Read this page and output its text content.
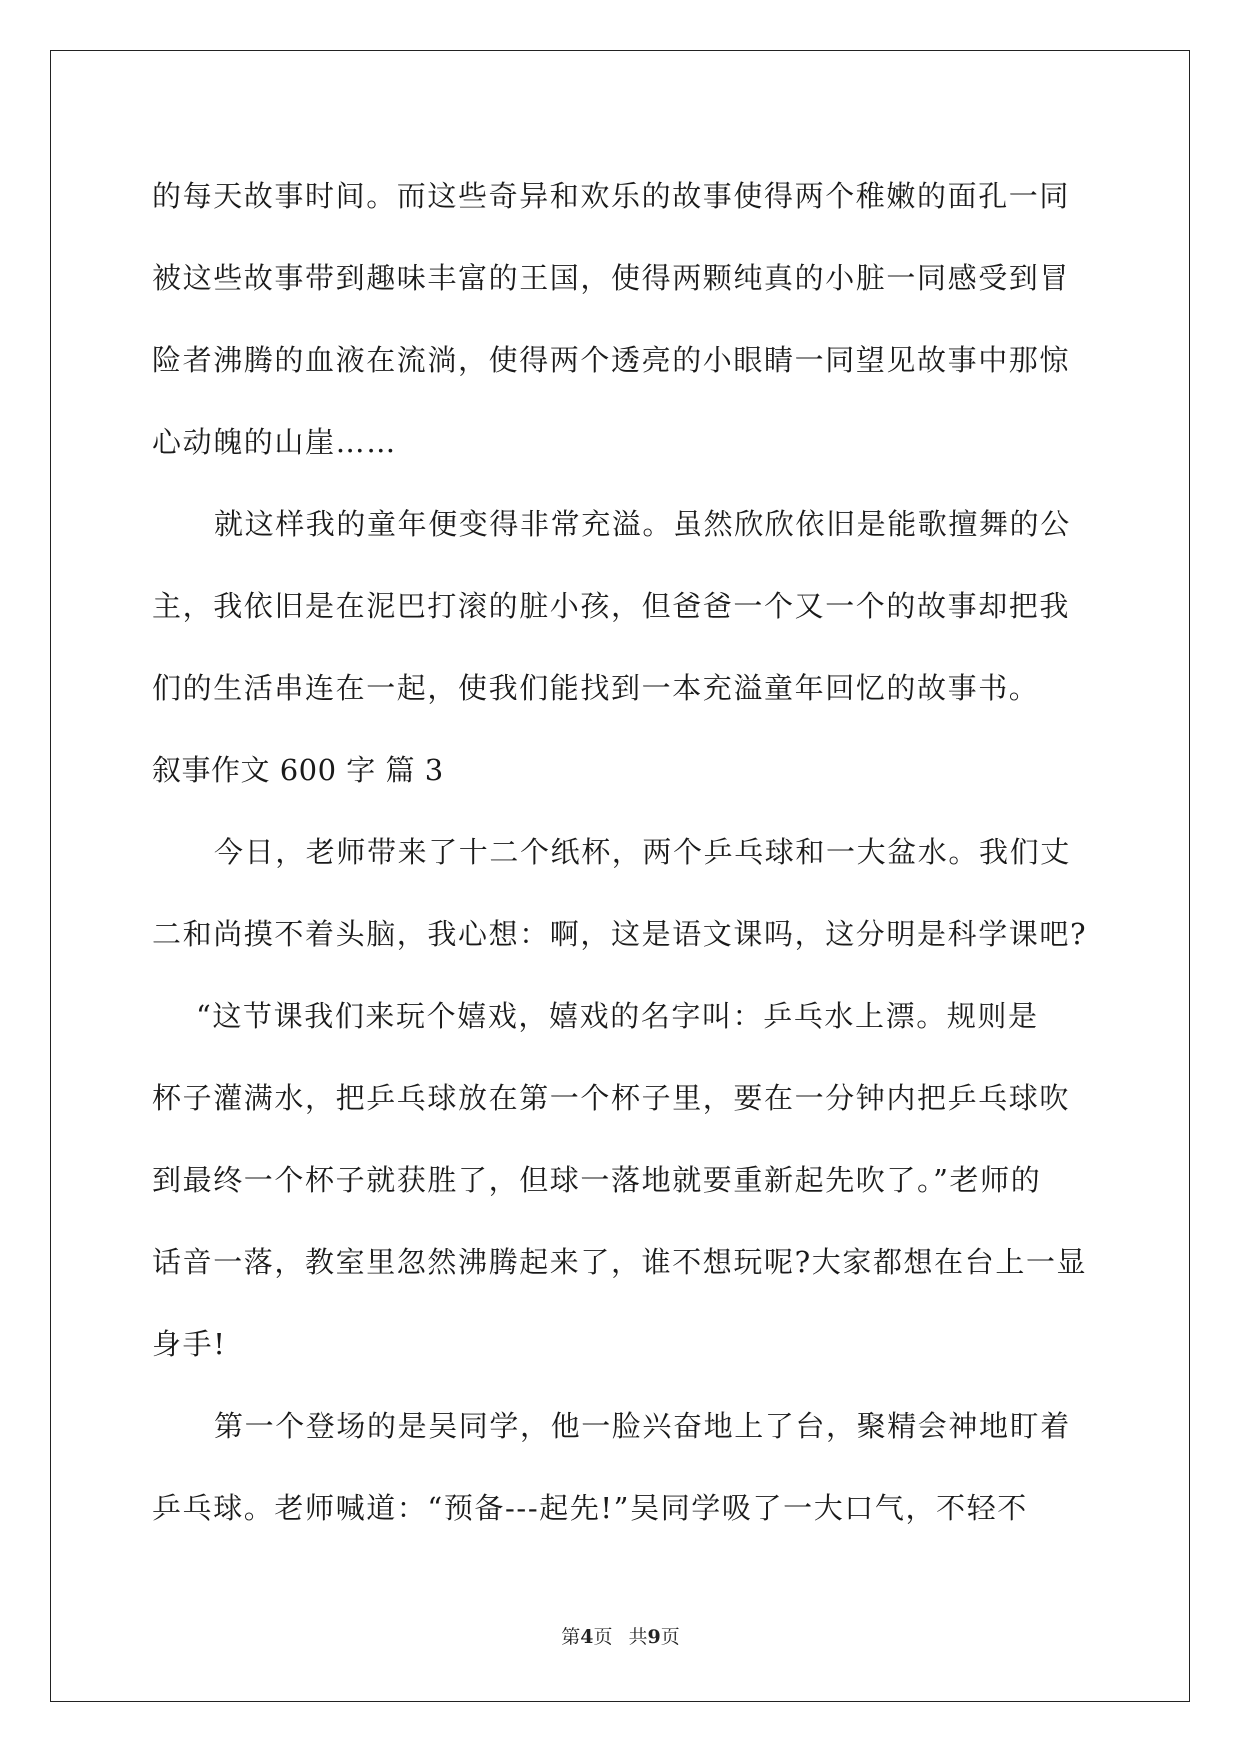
的每天故事时间。而这些奇异和欢乐的故事使得两个稚嫩的面孔一同
被这些故事带到趣味丰富的王国，使得两颗纯真的小脏一同感受到冒
险者沸腾的血液在流淌，使得两个透亮的小眼睛一同望见故事中那惊
心动魄的山崖……
就这样我的童年便变得非常充溢。虽然欣欣依旧是能歌擅舞的公
主，我依旧是在泥巴打滚的脏小孩，但爸爸一个又一个的故事却把我
们的生活串连在一起，使我们能找到一本充溢童年回忆的故事书。
叙事作文 600 字 篇 3
今日，老师带来了十二个纸杯，两个乒乓球和一大盆水。我们丈
二和尚摸不着头脑，我心想：啊，这是语文课吗，这分明是科学课吧?
“这节课我们来玩个嬉戏，嬉戏的名字叫：乒乓水上漂。规则是
杯子灌满水，把乒乓球放在第一个杯子里，要在一分钟内把乒乓球吹
到最终一个杯子就获胜了，但球一落地就要重新起先吹了。”老师的
话音一落，教室里忽然沸腾起来了，谁不想玩呢?大家都想在台上一显
身手!
第一个登场的是吴同学，他一脸兴奋地上了台，聚精会神地盯着
乒乓球。老师喊道：“预备---起先!”吴同学吸了一大口气，不轻不
第4页 共9页
